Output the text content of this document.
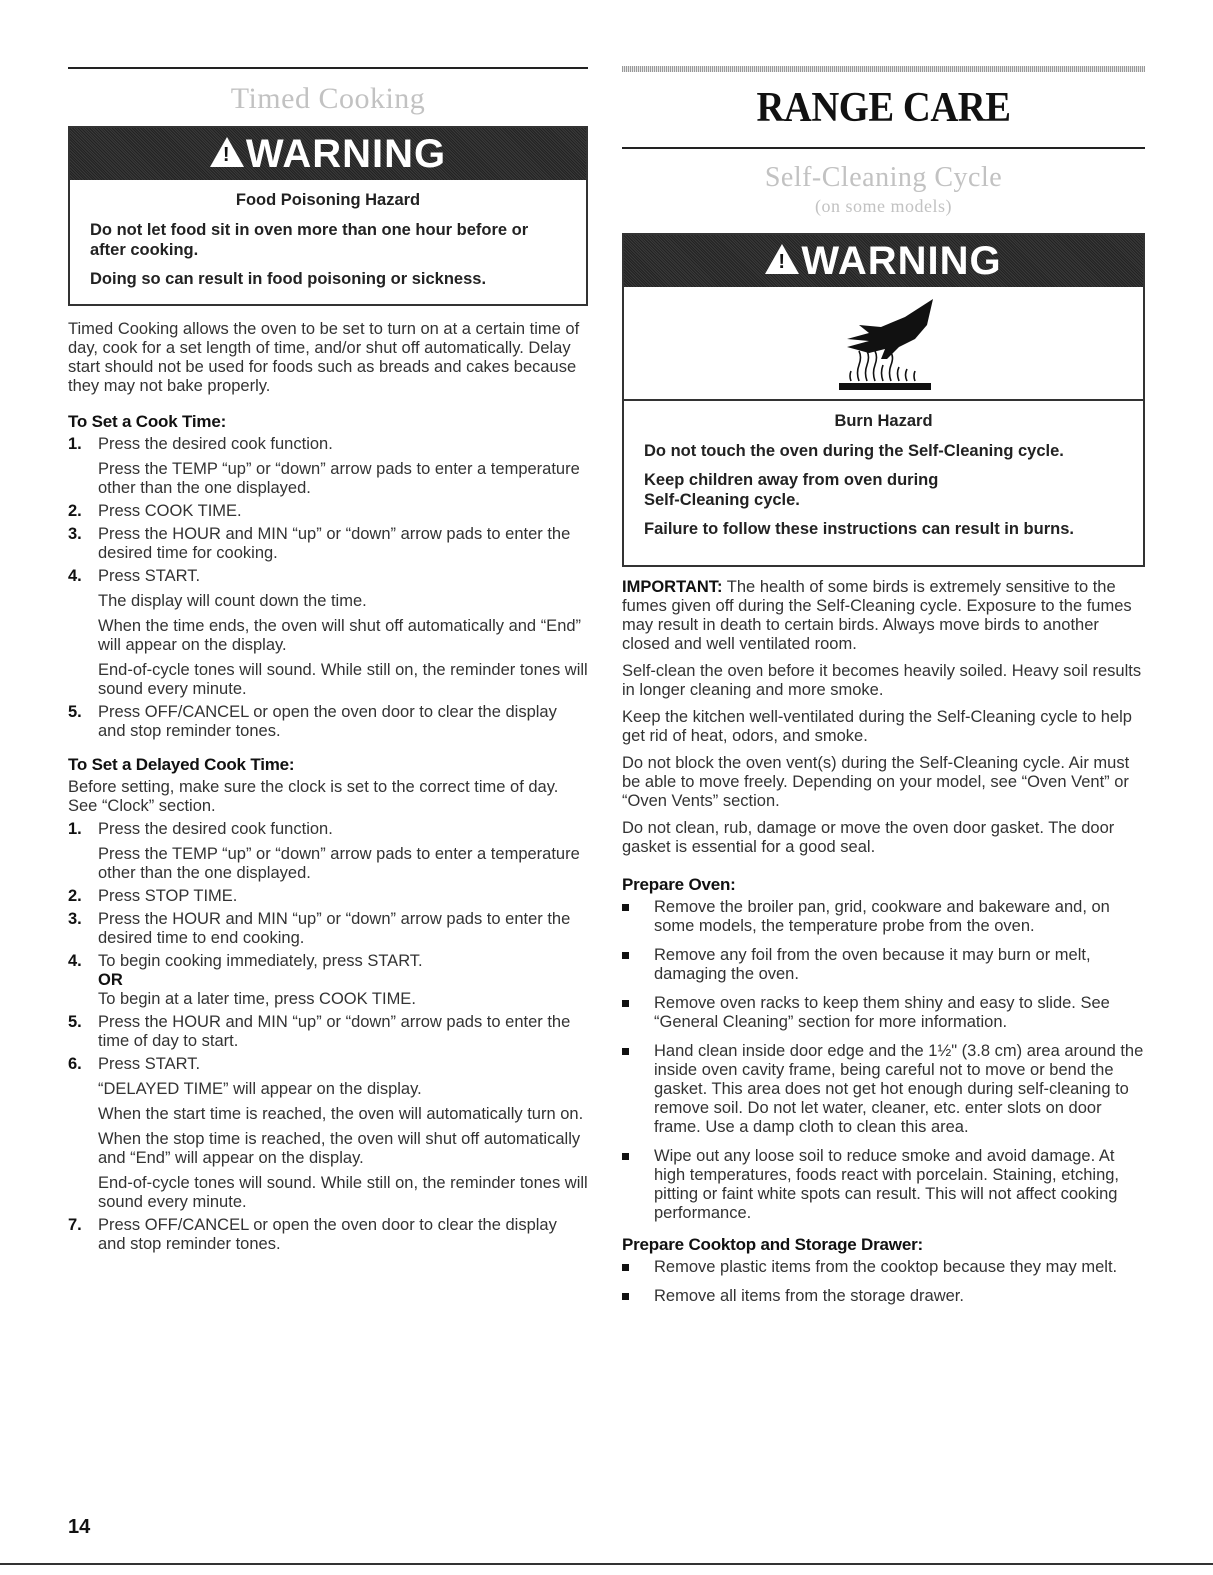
Timed Cooking
!
WARNING
Food Poisoning Hazard

Do not let food sit in oven more than one hour before or after cooking.

Doing so can result in food poisoning or sickness.

Timed Cooking allows the oven to be set to turn on at a certain time of day, cook for a set length of time, and/or shut off automatically. Delay start should not be used for foods such as breads and cakes because they may not bake properly.

To Set a Cook Time:
1. Press the desired cook function.
Press the TEMP “up” or “down” arrow pads to enter a temperature other than the one displayed.
2. Press COOK TIME.
3. Press the HOUR and MIN “up” or “down” arrow pads to enter the desired time for cooking.
4. Press START.
The display will count down the time.
When the time ends, the oven will shut off automatically and “End” will appear on the display.
End-of-cycle tones will sound. While still on, the reminder tones will sound every minute.
5. Press OFF/CANCEL or open the oven door to clear the display and stop reminder tones.
To Set a Delayed Cook Time:

Before setting, make sure the clock is set to the correct time of day. See “Clock” section.

1. Press the desired cook function.
Press the TEMP “up” or “down” arrow pads to enter a temperature other than the one displayed.
2. Press STOP TIME.
3. Press the HOUR and MIN “up” or “down” arrow pads to enter the desired time to end cooking.
4. To begin cooking immediately, press START.
OR
To begin at a later time, press COOK TIME.
5. Press the HOUR and MIN “up” or “down” arrow pads to enter the time of day to start.
6. Press START.
“DELAYED TIME” will appear on the display.
When the start time is reached, the oven will automatically turn on.
When the stop time is reached, the oven will shut off automatically and “End” will appear on the display.
End-of-cycle tones will sound. While still on, the reminder tones will sound every minute.
7. Press OFF/CANCEL or open the oven door to clear the display and stop reminder tones.
RANGE CARE
Self-Cleaning Cycle
(on some models)
!
WARNING
Burn Hazard

Do not touch the oven during the Self-Cleaning cycle.

Keep children away from oven during Self-Cleaning cycle.

Failure to follow these instructions can result in burns.

IMPORTANT: The health of some birds is extremely sensitive to the fumes given off during the Self-Cleaning cycle. Exposure to the fumes may result in death to certain birds. Always move birds to another closed and well ventilated room.

Self-clean the oven before it becomes heavily soiled. Heavy soil results in longer cleaning and more smoke.

Keep the kitchen well-ventilated during the Self-Cleaning cycle to help get rid of heat, odors, and smoke.

Do not block the oven vent(s) during the Self-Cleaning cycle. Air must be able to move freely. Depending on your model, see “Oven Vent” or “Oven Vents” section.

Do not clean, rub, damage or move the oven door gasket. The door gasket is essential for a good seal.

Prepare Oven:
Remove the broiler pan, grid, cookware and bakeware and, on some models, the temperature probe from the oven.
Remove any foil from the oven because it may burn or melt, damaging the oven.
Remove oven racks to keep them shiny and easy to slide. See “General Cleaning” section for more information.
Hand clean inside door edge and the 1½" (3.8 cm) area around the inside oven cavity frame, being careful not to move or bend the gasket. This area does not get hot enough during self-cleaning to remove soil. Do not let water, cleaner, etc. enter slots on door frame. Use a damp cloth to clean this area.
Wipe out any loose soil to reduce smoke and avoid damage. At high temperatures, foods react with porcelain. Staining, etching, pitting or faint white spots can result. This will not affect cooking performance.
Prepare Cooktop and Storage Drawer:
Remove plastic items from the cooktop because they may melt.
Remove all items from the storage drawer.
14
